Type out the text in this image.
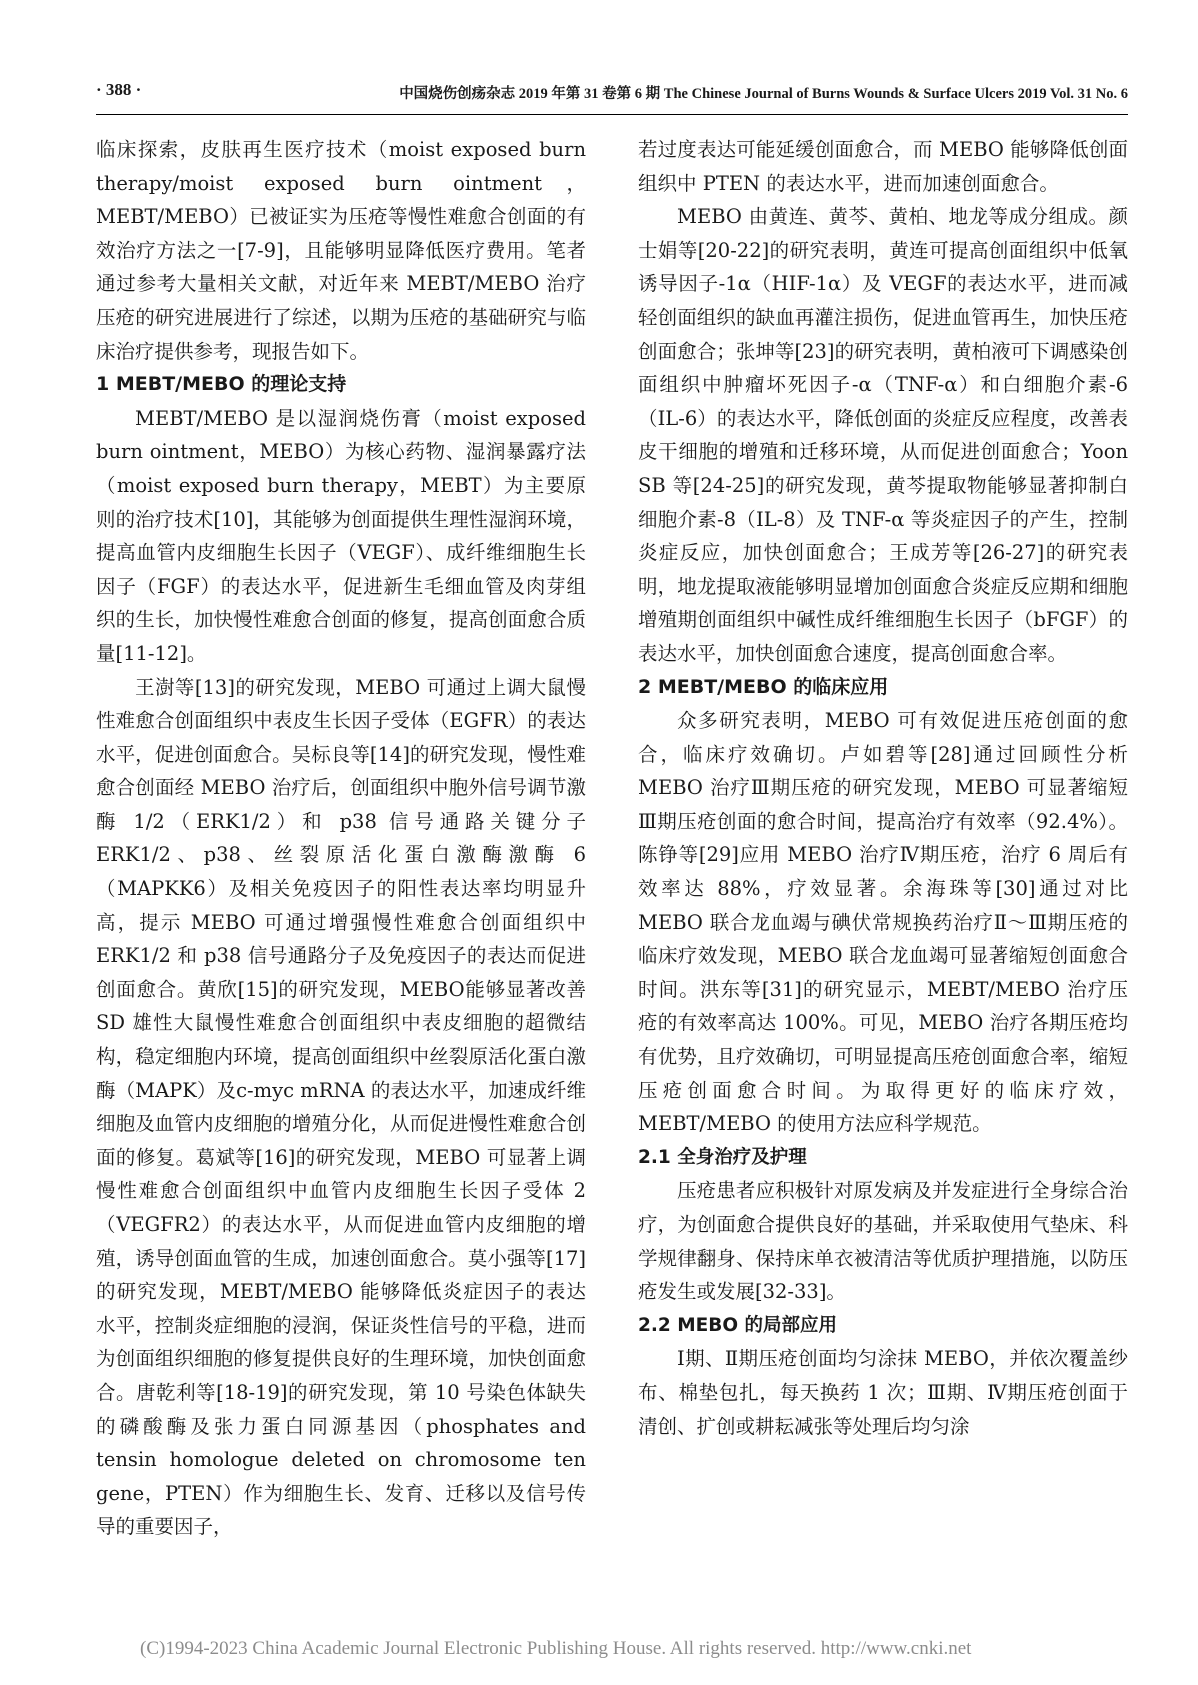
· 388 ·	中国烧伤创疡杂志 2019 年第 31 卷第 6 期 The Chinese Journal of Burns Wounds & Surface Ulcers 2019 Vol. 31 No. 6

临床探索，皮肤再生医疗技术（moist exposed burn therapy/moist exposed burn ointment，MEBT/MEBO）已被证实为压疮等慢性难愈合创面的有效治疗方法之一[7-9]，且能够明显降低医疗费用。笔者通过参考大量相关文献，对近年来 MEBT/MEBO 治疗压疮的研究进展进行了综述，以期为压疮的基础研究与临床治疗提供参考，现报告如下。

1 MEBT/MEBO 的理论支持

MEBT/MEBO 是以湿润烧伤膏（moist exposed burn ointment，MEBO）为核心药物、湿润暴露疗法（moist exposed burn therapy，MEBT）为主要原则的治疗技术[10]，其能够为创面提供生理性湿润环境，提高血管内皮细胞生长因子（VEGF）、成纤维细胞生长因子（FGF）的表达水平，促进新生毛细血管及肉芽组织的生长，加快慢性难愈合创面的修复，提高创面愈合质量[11-12]。

王澍等[13]的研究发现，MEBO 可通过上调大鼠慢性难愈合创面组织中表皮生长因子受体（EGFR）的表达水平，促进创面愈合。吴标良等[14]的研究发现，慢性难愈合创面经 MEBO 治疗后，创面组织中胞外信号调节激酶 1/2（ERK1/2）和 p38 信号通路关键分子 ERK1/2、p38、丝裂原活化蛋白激酶激酶 6（MAPKK6）及相关免疫因子的阳性表达率均明显升高，提示 MEBO 可通过增强慢性难愈合创面组织中 ERK1/2 和 p38 信号通路分子及免疫因子的表达而促进创面愈合。黄欣[15]的研究发现，MEBO能够显著改善 SD 雄性大鼠慢性难愈合创面组织中表皮细胞的超微结构，稳定细胞内环境，提高创面组织中丝裂原活化蛋白激酶（MAPK）及c-myc mRNA 的表达水平，加速成纤维细胞及血管内皮细胞的增殖分化，从而促进慢性难愈合创面的修复。葛斌等[16]的研究发现，MEBO 可显著上调慢性难愈合创面组织中血管内皮细胞生长因子受体 2（VEGFR2）的表达水平，从而促进血管内皮细胞的增殖，诱导创面血管的生成，加速创面愈合。莫小强等[17]的研究发现，MEBT/MEBO 能够降低炎症因子的表达水平，控制炎症细胞的浸润，保证炎性信号的平稳，进而为创面组织细胞的修复提供良好的生理环境，加快创面愈合。唐乾利等[18-19]的研究发现，第 10 号染色体缺失的磷酸酶及张力蛋白同源基因（phosphates and tensin homologue deleted on chromosome ten gene，PTEN）作为细胞生长、发育、迁移以及信号传导的重要因子，

若过度表达可能延缓创面愈合，而 MEBO 能够降低创面组织中 PTEN 的表达水平，进而加速创面愈合。

MEBO 由黄连、黄芩、黄柏、地龙等成分组成。颜士娟等[20-22]的研究表明，黄连可提高创面组织中低氧诱导因子-1α（HIF-1α）及 VEGF的表达水平，进而减轻创面组织的缺血再灌注损伤，促进血管再生，加快压疮创面愈合；张坤等[23]的研究表明，黄柏液可下调感染创面组织中肿瘤坏死因子-α（TNF-α）和白细胞介素-6（IL-6）的表达水平，降低创面的炎症反应程度，改善表皮干细胞的增殖和迁移环境，从而促进创面愈合；Yoon SB 等[24-25]的研究发现，黄芩提取物能够显著抑制白细胞介素-8（IL-8）及 TNF-α 等炎症因子的产生，控制炎症反应，加快创面愈合；王成芳等[26-27]的研究表明，地龙提取液能够明显增加创面愈合炎症反应期和细胞增殖期创面组织中碱性成纤维细胞生长因子（bFGF）的表达水平，加快创面愈合速度，提高创面愈合率。

2 MEBT/MEBO 的临床应用

众多研究表明，MEBO 可有效促进压疮创面的愈合，临床疗效确切。卢如碧等[28]通过回顾性分析 MEBO 治疗Ⅲ期压疮的研究发现，MEBO 可显著缩短Ⅲ期压疮创面的愈合时间，提高治疗有效率（92.4%）。陈铮等[29]应用 MEBO 治疗Ⅳ期压疮，治疗 6 周后有效率达 88%，疗效显著。余海珠等[30]通过对比 MEBO 联合龙血竭与碘伏常规换药治疗Ⅱ～Ⅲ期压疮的临床疗效发现，MEBO 联合龙血竭可显著缩短创面愈合时间。洪东等[31]的研究显示，MEBT/MEBO 治疗压疮的有效率高达 100%。可见，MEBO 治疗各期压疮均有优势，且疗效确切，可明显提高压疮创面愈合率，缩短压疮创面愈合时间。为取得更好的临床疗效，MEBT/MEBO 的使用方法应科学规范。

2.1 全身治疗及护理

压疮患者应积极针对原发病及并发症进行全身综合治疗，为创面愈合提供良好的基础，并采取使用气垫床、科学规律翻身、保持床单衣被清洁等优质护理措施，以防压疮发生或发展[32-33]。

2.2 MEBO 的局部应用

Ⅰ期、Ⅱ期压疮创面均匀涂抹 MEBO，并依次覆盖纱布、棉垫包扎，每天换药 1 次；Ⅲ期、Ⅳ期压疮创面于清创、扩创或耕耘减张等处理后均匀涂

(C)1994-2023 China Academic Journal Electronic Publishing House. All rights reserved. http://www.cnki.net
